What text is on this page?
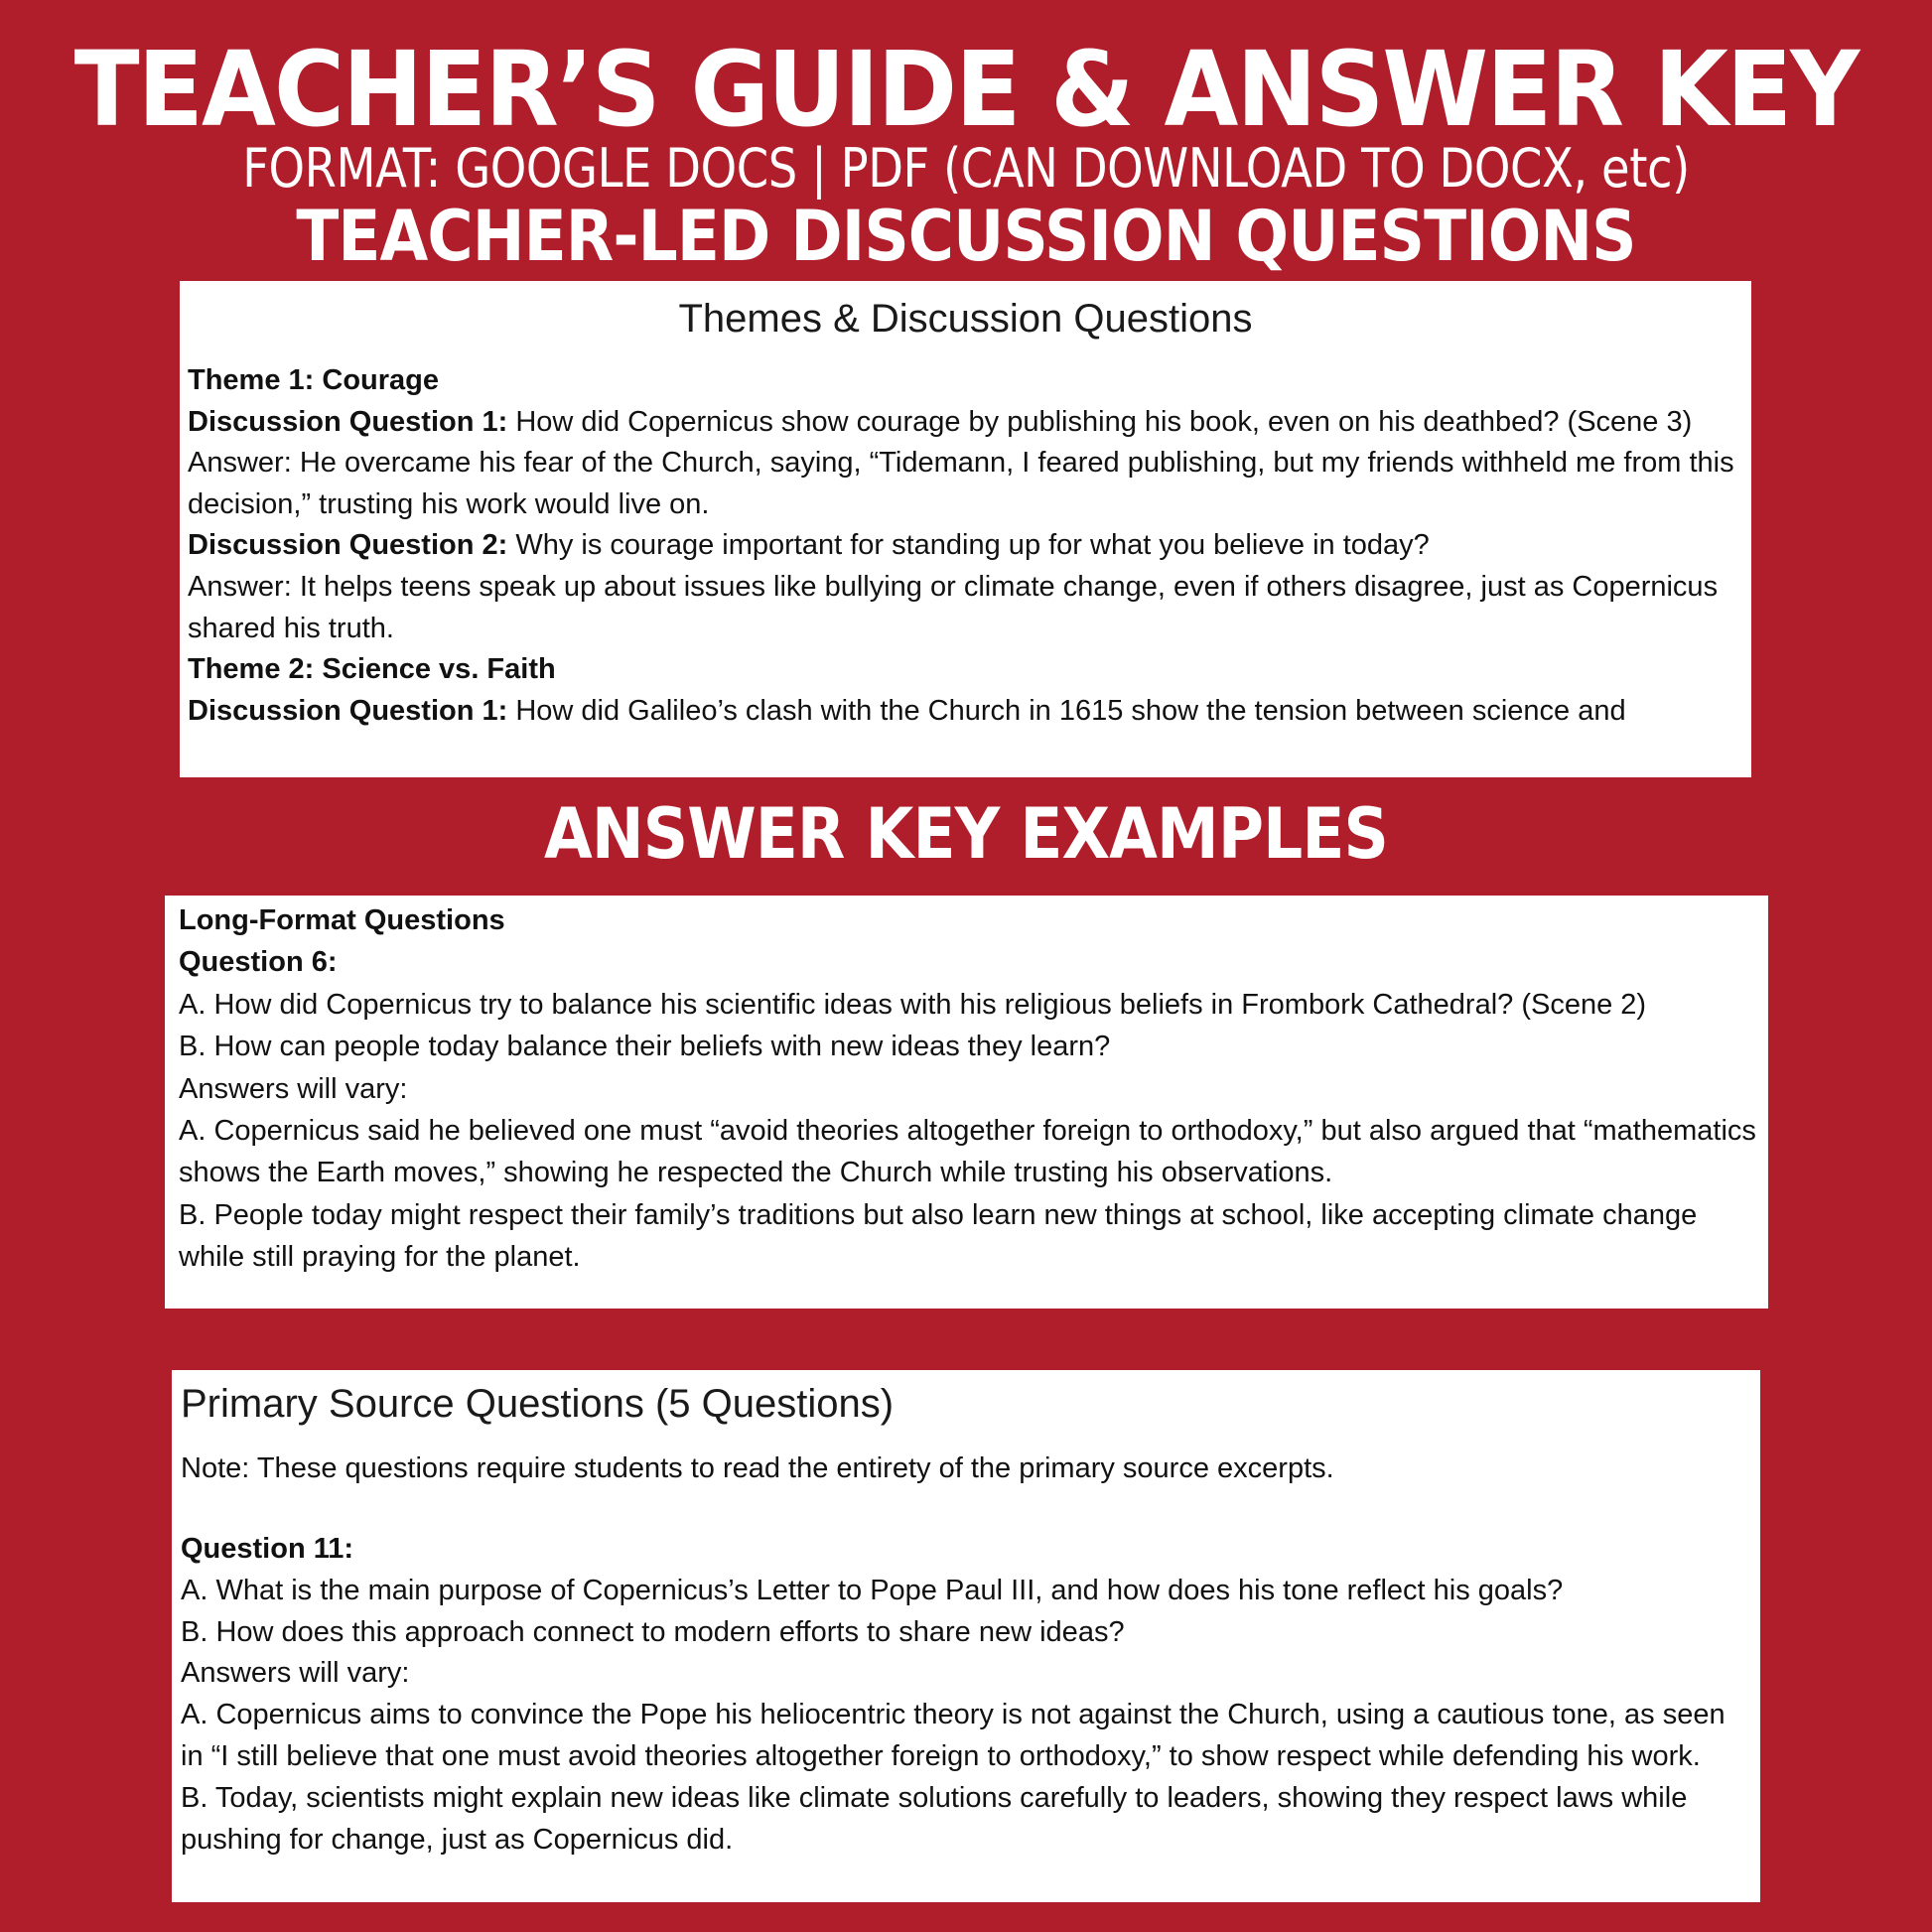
TEACHER’S GUIDE & ANSWER KEY
FORMAT: GOOGLE DOCS | PDF (CAN DOWNLOAD TO DOCX, etc)
TEACHER-LED DISCUSSION QUESTIONS
Themes & Discussion Questions
Theme 1: Courage
Discussion Question 1: How did Copernicus show courage by publishing his book, even on his deathbed? (Scene 3)
Answer: He overcame his fear of the Church, saying, “Tidemann, I feared publishing, but my friends withheld me from this decision,” trusting his work would live on.
Discussion Question 2: Why is courage important for standing up for what you believe in today?
Answer: It helps teens speak up about issues like bullying or climate change, even if others disagree, just as Copernicus shared his truth.
Theme 2: Science vs. Faith
Discussion Question 1: How did Galileo’s clash with the Church in 1615 show the tension between science and
ANSWER KEY EXAMPLES
Long-Format Questions
Question 6:
A. How did Copernicus try to balance his scientific ideas with his religious beliefs in Frombork Cathedral? (Scene 2)
B. How can people today balance their beliefs with new ideas they learn?
Answers will vary:
A. Copernicus said he believed one must “avoid theories altogether foreign to orthodoxy,” but also argued that “mathematics shows the Earth moves,” showing he respected the Church while trusting his observations.
B. People today might respect their family’s traditions but also learn new things at school, like accepting climate change while still praying for the planet.
Primary Source Questions (5 Questions)
Note: These questions require students to read the entirety of the primary source excerpts.
Question 11:
A. What is the main purpose of Copernicus’s Letter to Pope Paul III, and how does his tone reflect his goals?
B. How does this approach connect to modern efforts to share new ideas?
Answers will vary:
A. Copernicus aims to convince the Pope his heliocentric theory is not against the Church, using a cautious tone, as seen in “I still believe that one must avoid theories altogether foreign to orthodoxy,” to show respect while defending his work.
B. Today, scientists might explain new ideas like climate solutions carefully to leaders, showing they respect laws while pushing for change, just as Copernicus did.
